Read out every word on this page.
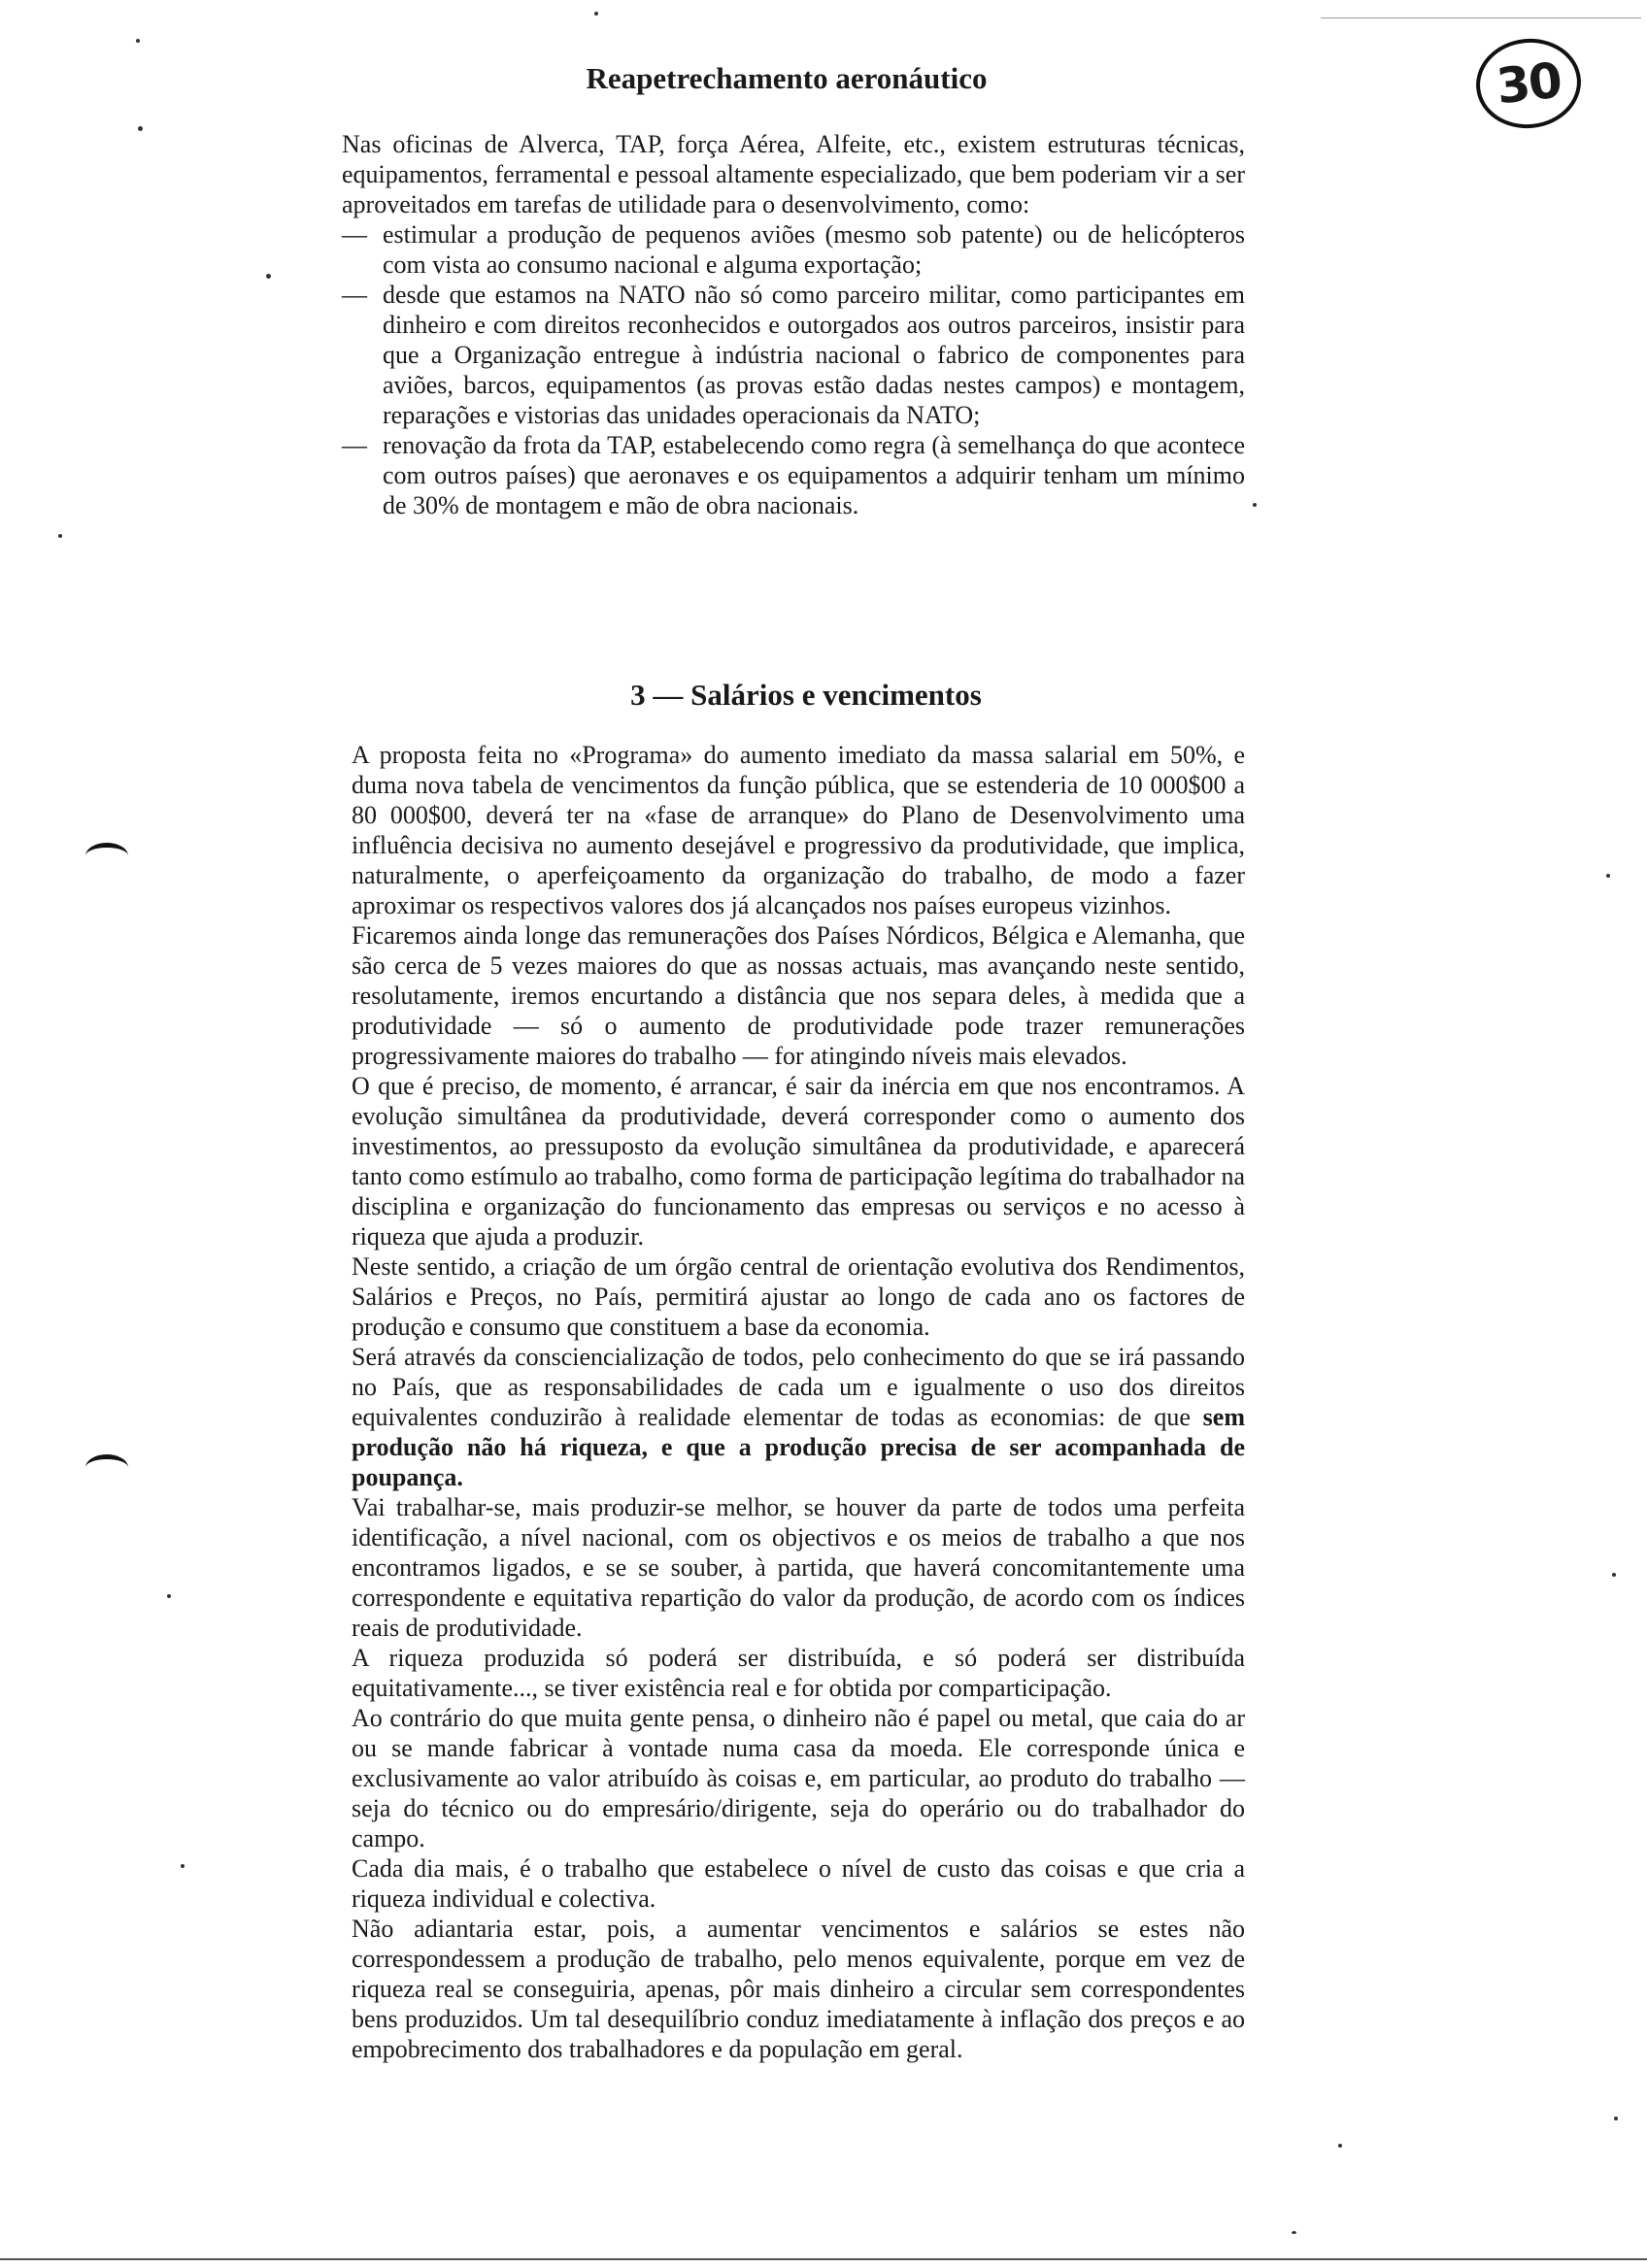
30
Reapetrechamento aeronáutico

Nas oficinas de Alverca, TAP, força Aérea, Alfeite, etc., existem estruturas técnicas, equipamentos, ferramental e pessoal altamente especializado, que bem poderiam vir a ser aproveitados em tarefas de utilidade para o desenvolvimento, como:

— estimular a produção de pequenos aviões (mesmo sob patente) ou de helicópteros com vista ao consumo nacional e alguma exportação;
— desde que estamos na NATO não só como parceiro militar, como participantes em dinheiro e com direitos reconhecidos e outorgados aos outros parceiros, insistir para que a Organização entregue à indústria nacional o fabrico de componentes para aviões, barcos, equipamentos (as provas estão dadas nestes campos) e montagem, reparações e vistorias das unidades operacionais da NATO;
— renovação da frota da TAP, estabelecendo como regra (à semelhança do que acontece com outros países) que aeronaves e os equipamentos a adquirir tenham um mínimo de 30% de montagem e mão de obra nacionais.
3 — Salários e vencimentos

A proposta feita no «Programa» do aumento imediato da massa salarial em 50%, e duma nova tabela de vencimentos da função pública, que se estenderia de 10 000$00 a 80 000$00, deverá ter na «fase de arranque» do Plano de Desenvolvimento uma influência decisiva no aumento desejável e progressivo da produtividade, que implica, naturalmente, o aperfeiçoamento da organização do trabalho, de modo a fazer aproximar os respectivos valores dos já alcançados nos países europeus vizinhos.

Ficaremos ainda longe das remunerações dos Países Nórdicos, Bélgica e Alemanha, que são cerca de 5 vezes maiores do que as nossas actuais, mas avançando neste sentido, resolutamente, iremos encurtando a distância que nos separa deles, à medida que a produtividade — só o aumento de produtividade pode trazer remunerações progressivamente maiores do trabalho — for atingindo níveis mais elevados.

O que é preciso, de momento, é arrancar, é sair da inércia em que nos encontramos. A evolução simultânea da produtividade, deverá corresponder como o aumento dos investimentos, ao pressuposto da evolução simultânea da produtividade, e aparecerá tanto como estímulo ao trabalho, como forma de participação legítima do trabalhador na disciplina e organização do funcionamento das empresas ou serviços e no acesso à riqueza que ajuda a produzir.

Neste sentido, a criação de um órgão central de orientação evolutiva dos Rendimentos, Salários e Preços, no País, permitirá ajustar ao longo de cada ano os factores de produção e consumo que constituem a base da economia.

Será através da consciencialização de todos, pelo conhecimento do que se irá passando no País, que as responsabilidades de cada um e igualmente o uso dos direitos equivalentes conduzirão à realidade elementar de todas as economias: de que sem produção não há riqueza, e que a produção precisa de ser acompanhada de poupança.

Vai trabalhar-se, mais produzir-se melhor, se houver da parte de todos uma perfeita identificação, a nível nacional, com os objectivos e os meios de trabalho a que nos encontramos ligados, e se se souber, à partida, que haverá concomitantemente uma correspondente e equitativa repartição do valor da produção, de acordo com os índices reais de produtividade.

A riqueza produzida só poderá ser distribuída, e só poderá ser distribuída equitativamente..., se tiver existência real e for obtida por comparticipação.

Ao contrário do que muita gente pensa, o dinheiro não é papel ou metal, que caia do ar ou se mande fabricar à vontade numa casa da moeda. Ele corresponde única e exclusivamente ao valor atribuído às coisas e, em particular, ao produto do trabalho — seja do técnico ou do empresário/dirigente, seja do operário ou do trabalhador do campo.

Cada dia mais, é o trabalho que estabelece o nível de custo das coisas e que cria a riqueza individual e colectiva.

Não adiantaria estar, pois, a aumentar vencimentos e salários se estes não correspondessem a produção de trabalho, pelo menos equivalente, porque em vez de riqueza real se conseguiria, apenas, pôr mais dinheiro a circular sem correspondentes bens produzidos. Um tal desequilíbrio conduz imediatamente à inflação dos preços e ao empobrecimento dos trabalhadores e da população em geral.
